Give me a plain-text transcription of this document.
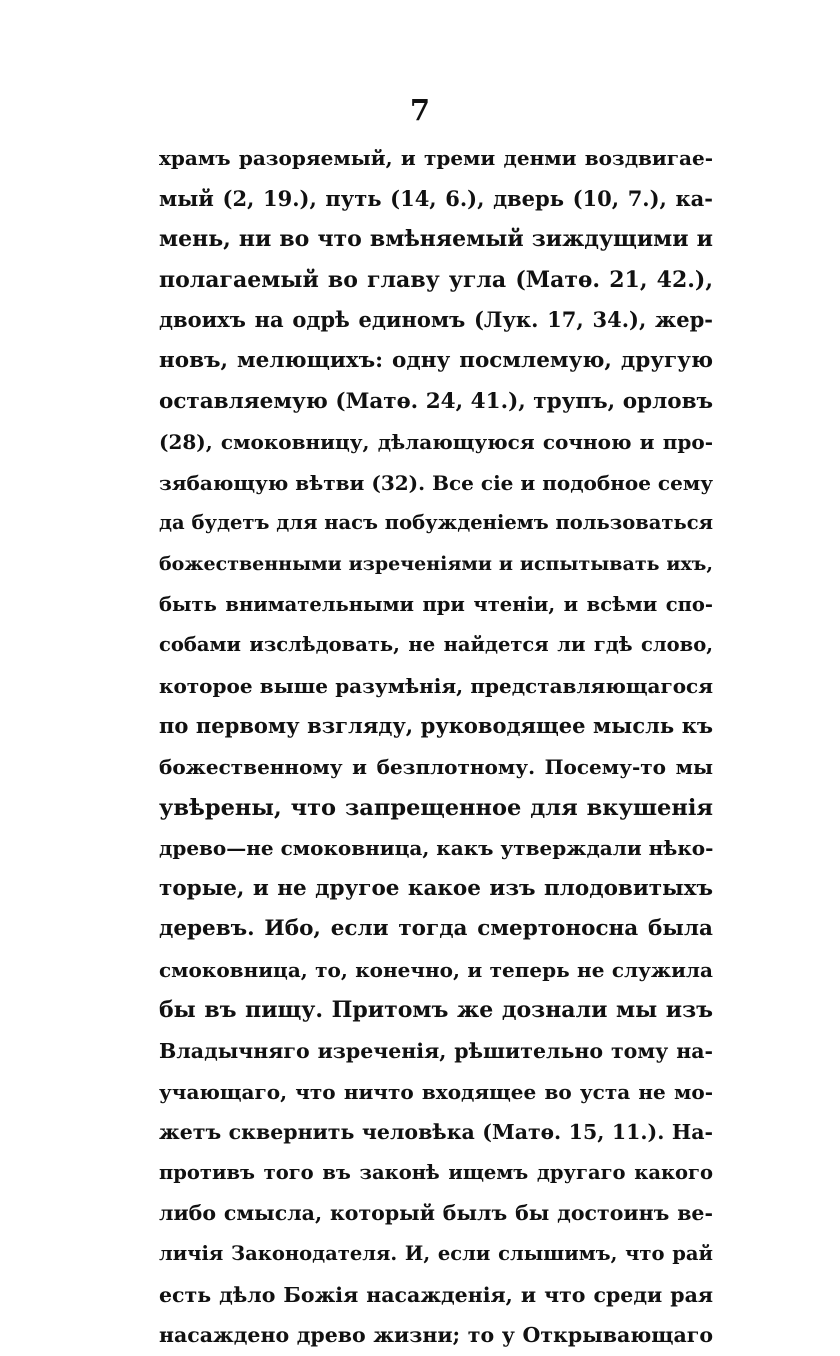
7
храмъ разоряемый, и треми денми воздвигае-
мый (2, 19.), путь (14, 6.), дверь (10, 7.), ка-
мень, ни во что вмѣняемый зиждущими и
полагаемый во главу угла (Матѳ. 21, 42.),
двоихъ на одрѣ единомъ (Лук. 17, 34.), жер-
новъ, мелющихъ: одну посмлемую, другую
оставляемую (Матѳ. 24, 41.), трупъ, орловъ
(28), смоковницу, дѣлающуюся сочною и про-
зябающую вѣтви (32). Все сіе и подобное сему
да будетъ для насъ побужденіемъ пользоваться
божественными изреченіями и испытывать ихъ,
быть внимательными при чтеніи, и всѣми спо-
собами изслѣдовать, не найдется ли гдѣ слово,
которое выше разумѣнія, представляющагося
по первому взгляду, руководящее мысль къ
божественному и безплотному. Посему-то мы
увѣрены, что запрещенное для вкушенія
древо—не смоковница, какъ утверждали нѣко-
торые, и не другое какое изъ плодовитыхъ
деревъ. Ибо, если тогда смертоносна была
смоковница, то, конечно, и теперь не служила
бы въ пищу. Притомъ же дознали мы изъ
Владычняго изреченія, рѣшительно тому на-
учающаго, что ничто входящее во уста не мо-
жетъ сквернить человѣка (Матѳ. 15, 11.). На-
противъ того въ законѣ ищемъ другаго какого
либо смысла, который былъ бы достоинъ ве-
личія Законодателя. И, если слышимъ, что рай
есть дѣло Божія насажденія, и что среди рая
насаждено древо жизни; то у Открывающаго
